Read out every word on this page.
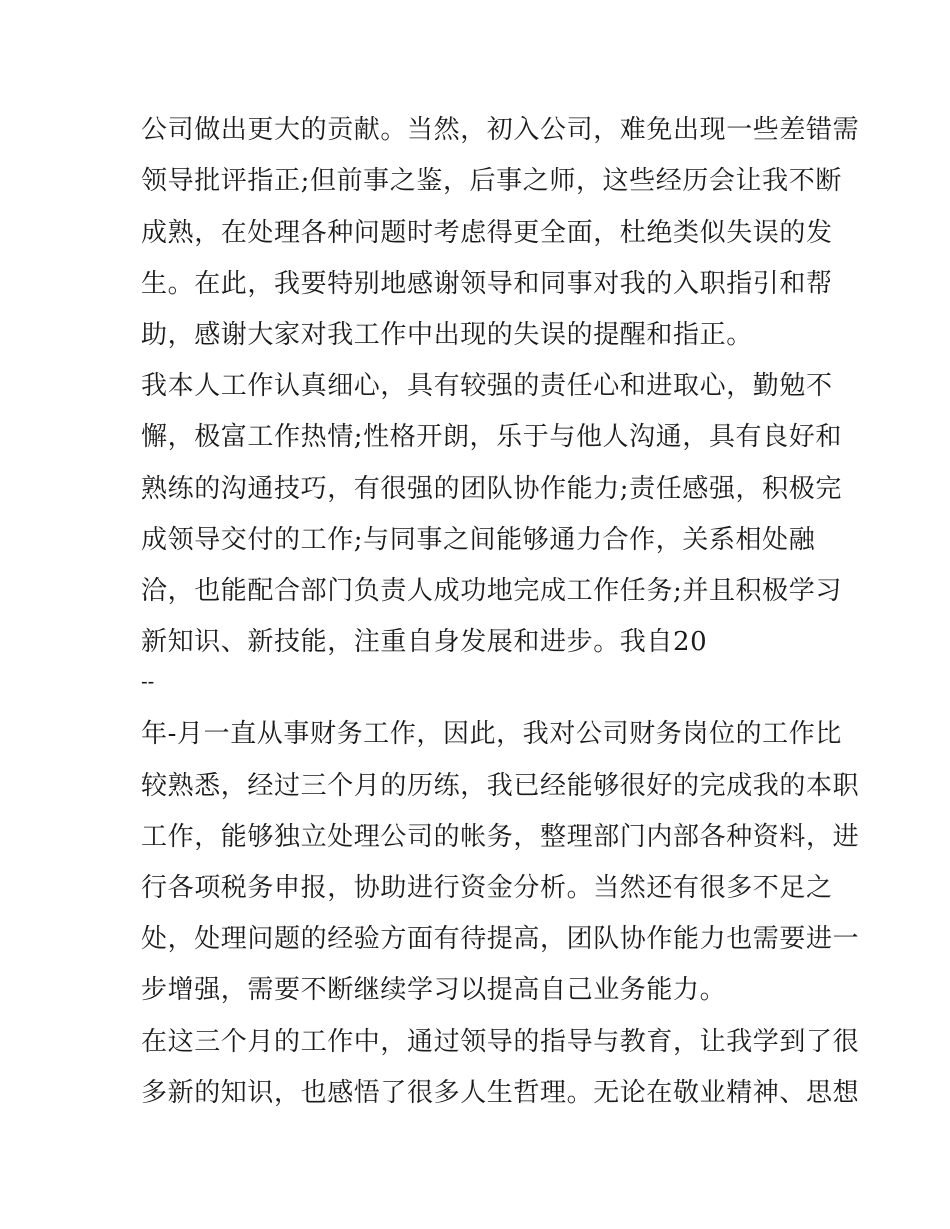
公司做出更大的贡献。当然，初入公司，难免出现一些差错需
领导批评指正;但前事之鉴，后事之师，这些经历会让我不断
成熟，在处理各种问题时考虑得更全面，杜绝类似失误的发
生。在此，我要特别地感谢领导和同事对我的入职指引和帮
助，感谢大家对我工作中出现的失误的提醒和指正。
我本人工作认真细心，具有较强的责任心和进取心，勤勉不
懈，极富工作热情;性格开朗，乐于与他人沟通，具有良好和
熟练的沟通技巧，有很强的团队协作能力;责任感强，积极完
成领导交付的工作;与同事之间能够通力合作，关系相处融
洽，也能配合部门负责人成功地完成工作任务;并且积极学习
新知识、新技能，注重自身发展和进步。我自20
--
年-月一直从事财务工作，因此，我对公司财务岗位的工作比
较熟悉，经过三个月的历练，我已经能够很好的完成我的本职
工作，能够独立处理公司的帐务，整理部门内部各种资料，进
行各项税务申报，协助进行资金分析。当然还有很多不足之
处，处理问题的经验方面有待提高，团队协作能力也需要进一
步增强，需要不断继续学习以提高自己业务能力。
在这三个月的工作中，通过领导的指导与教育，让我学到了很
多新的知识，也感悟了很多人生哲理。无论在敬业精神、思想
